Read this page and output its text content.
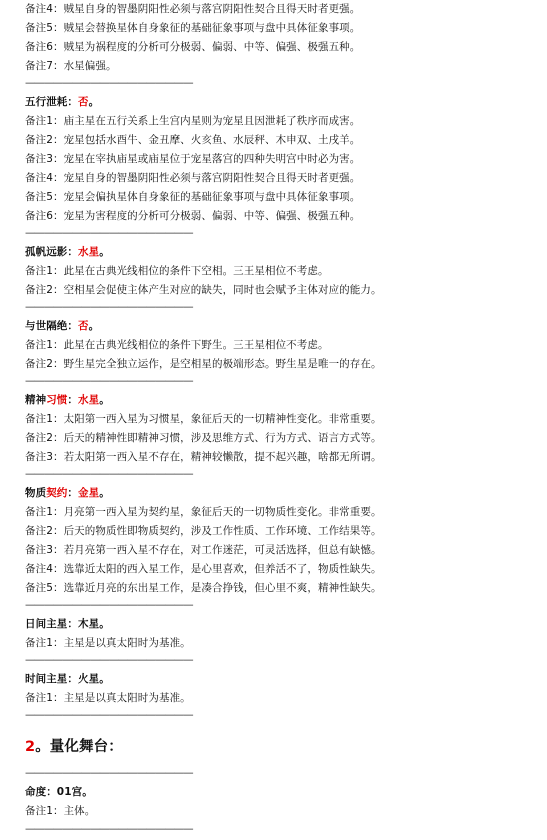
备注4：贼星自身的智墨阴阳性必须与落宫阴阳性契合且得天时者更强。
备注5：贼星会替换星体自身象征的基础征象事项与盘中具体征象事项。
备注6：贼星为祸程度的分析可分极弱、偏弱、中等、偏强、极强五种。
备注7：水星偏强。
——————————————————
五行泄耗：否。
备注1：庙主星在五行关系上生宫内星则为宠星且因泄耗了秩序而成害。
备注2：宠星包括水酉牛、金丑摩、火亥鱼、水辰秤、木申双、土戌羊。
备注3：宠星在宰执庙星或庙星位于宠星落宫的四种失明宫中时必为害。
备注4：宠星自身的智墨阴阳性必须与落宫阴阳性契合且得天时者更强。
备注5：宠星会偏执星体自身象征的基础征象事项与盘中具体征象事项。
备注6：宠星为害程度的分析可分极弱、偏弱、中等、偏强、极强五种。
——————————————————
孤帆远影：水星。
备注1：此星在古典光线相位的条件下空相。三王星相位不考虑。
备注2：空相星会促使主体产生对应的缺失，同时也会赋予主体对应的能力。
——————————————————
与世隔绝：否。
备注1：此星在古典光线相位的条件下野生。三王星相位不考虑。
备注2：野生星完全独立运作，是空相星的极端形态。野生星是唯一的存在。
——————————————————
精神习惯：水星。
备注1：太阳第一西入星为习惯星，象征后天的一切精神性变化。非常重要。
备注2：后天的精神性即精神习惯，涉及思维方式、行为方式、语言方式等。
备注3：若太阳第一西入星不存在，精神较懒散，提不起兴趣，啥都无所谓。
——————————————————
物质契约：金星。
备注1：月亮第一西入星为契约星，象征后天的一切物质性变化。非常重要。
备注2：后天的物质性即物质契约，涉及工作性质、工作环境、工作结果等。
备注3：若月亮第一西入星不存在，对工作迷茫，可灵活选择，但总有缺憾。
备注4：选靠近太阳的西入星工作，是心里喜欢，但养活不了，物质性缺失。
备注5：选靠近月亮的东出星工作，是凑合挣钱，但心里不爽，精神性缺失。
——————————————————
日间主星：木星。
备注1：主星是以真太阳时为基准。
——————————————————
时间主星：火星。
备注1：主星是以真太阳时为基准。
——————————————————
2。量化舞台：
——————————————————
命度：01宫。
备注1：主体。
——————————————————
